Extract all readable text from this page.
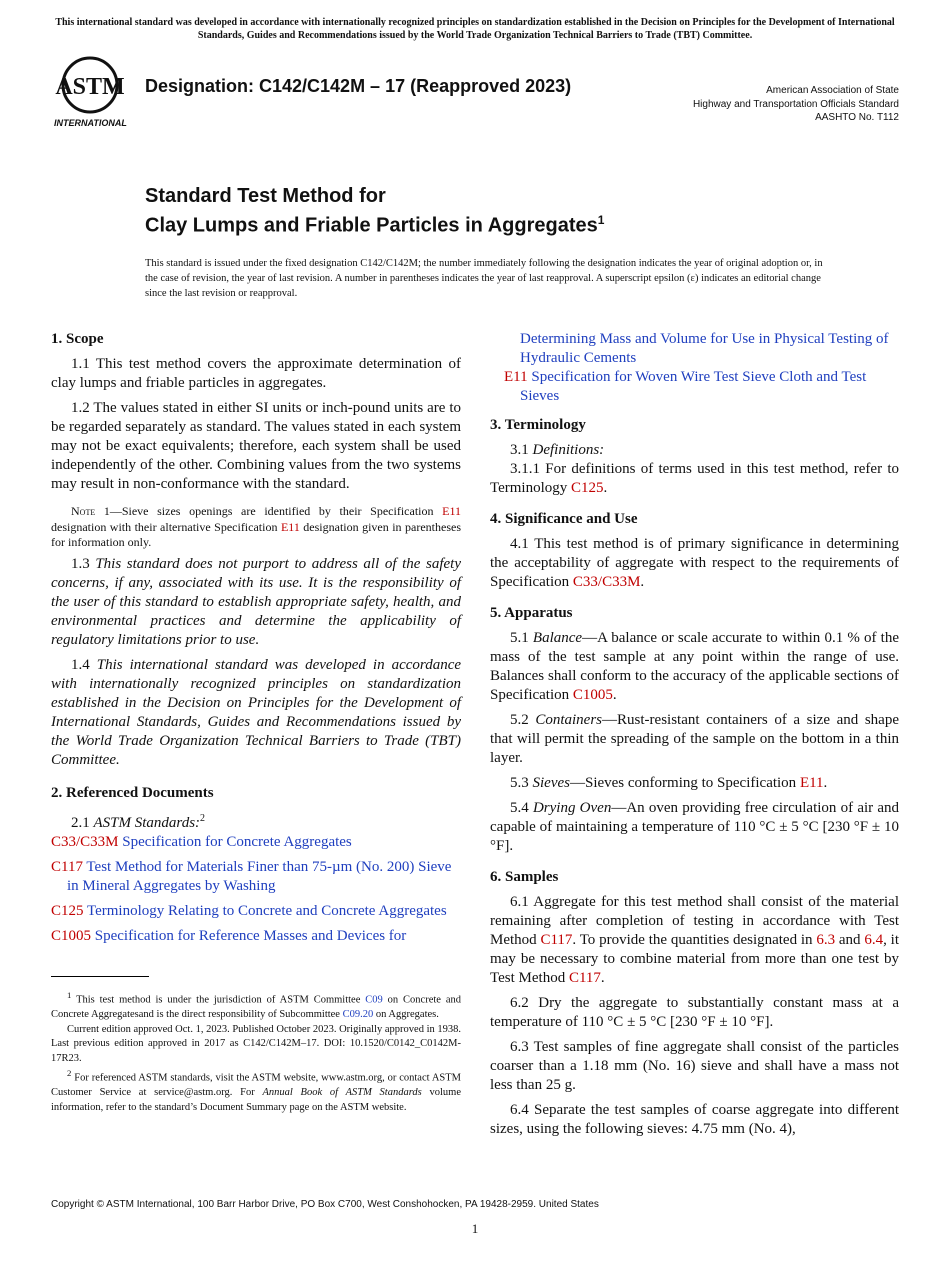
This international standard was developed in accordance with internationally recognized principles on standardization established in the Decision on Principles for the Development of International Standards, Guides and Recommendations issued by the World Trade Organization Technical Barriers to Trade (TBT) Committee.
ASTM
INTERNATIONAL
Designation: C142/C142M – 17 (Reapproved 2023)	American Association of State
Highway and Transportation Officials Standard
AASHTO No. T112
Standard Test Method for
Clay Lumps and Friable Particles in Aggregates$^1$
This standard is issued under the fixed designation C142/C142M; the number immediately following the designation indicates the year of original adoption or, in the case of revision, the year of last revision. A number in parentheses indicates the year of last reapproval. A superscript epsilon (ε) indicates an editorial change since the last revision or reapproval.

1. Scope

1.1 This test method covers the approximate determination of clay lumps and friable particles in aggregates.

1.2 The values stated in either SI units or inch-pound units are to be regarded separately as standard. The values stated in each system may not be exact equivalents; therefore, each system shall be used independently of the other. Combining values from the two systems may result in non-conformance with the standard.

Note 1—Sieve sizes openings are identified by their Specification E11 designation with their alternative Specification E11 designation given in parentheses for information only.

1.3 This standard does not purport to address all of the safety concerns, if any, associated with its use. It is the responsibility of the user of this standard to establish appropriate safety, health, and environmental practices and determine the applicability of regulatory limitations prior to use.

1.4 This international standard was developed in accordance with internationally recognized principles on standardization established in the Decision on Principles for the Development of International Standards, Guides and Recommendations issued by the World Trade Organization Technical Barriers to Trade (TBT) Committee.

2. Referenced Documents

2.1 ASTM Standards:$^2$

C33/C33M Specification for Concrete Aggregates

C117 Test Method for Materials Finer than 75-µm (No. 200) Sieve in Mineral Aggregates by Washing

C125 Terminology Relating to Concrete and Concrete Aggregates

C1005 Specification for Reference Masses and Devices for

$^1$ This test method is under the jurisdiction of ASTM Committee C09 on Concrete and Concrete Aggregatesand is the direct responsibility of Subcommittee C09.20 on Aggregates.

Current edition approved Oct. 1, 2023. Published October 2023. Originally approved in 1938. Last previous edition approved in 2017 as C142/C142M–17. DOI: 10.1520/C0142_C0142M-17R23.

$^2$ For referenced ASTM standards, visit the ASTM website, www.astm.org, or contact ASTM Customer Service at service@astm.org. For Annual Book of ASTM Standards volume information, refer to the standard’s Document Summary page on the ASTM website.

Determining Mass and Volume for Use in Physical Testing of Hydraulic Cements

E11 Specification for Woven Wire Test Sieve Cloth and Test Sieves

3. Terminology

3.1 Definitions:

3.1.1 For definitions of terms used in this test method, refer to Terminology C125.

4. Significance and Use

4.1 This test method is of primary significance in determining the acceptability of aggregate with respect to the requirements of Specification C33/C33M.

5. Apparatus

5.1 Balance—A balance or scale accurate to within 0.1 % of the mass of the test sample at any point within the range of use. Balances shall conform to the accuracy of the applicable sections of Specification C1005.

5.2 Containers—Rust-resistant containers of a size and shape that will permit the spreading of the sample on the bottom in a thin layer.

5.3 Sieves—Sieves conforming to Specification E11.

5.4 Drying Oven—An oven providing free circulation of air and capable of maintaining a temperature of 110 °C ± 5 °C [230 °F ± 10 °F].

6. Samples

6.1 Aggregate for this test method shall consist of the material remaining after completion of testing in accordance with Test Method C117. To provide the quantities designated in 6.3 and 6.4, it may be necessary to combine material from more than one test by Test Method C117.

6.2 Dry the aggregate to substantially constant mass at a temperature of 110 °C ± 5 °C [230 °F ± 10 °F].

6.3 Test samples of fine aggregate shall consist of the particles coarser than a 1.18 mm (No. 16) sieve and shall have a mass not less than 25 g.

6.4 Separate the test samples of coarse aggregate into different sizes, using the following sieves: 4.75 mm (No. 4),

Copyright © ASTM International, 100 Barr Harbor Drive, PO Box C700, West Conshohocken, PA 19428-2959. United States
1
